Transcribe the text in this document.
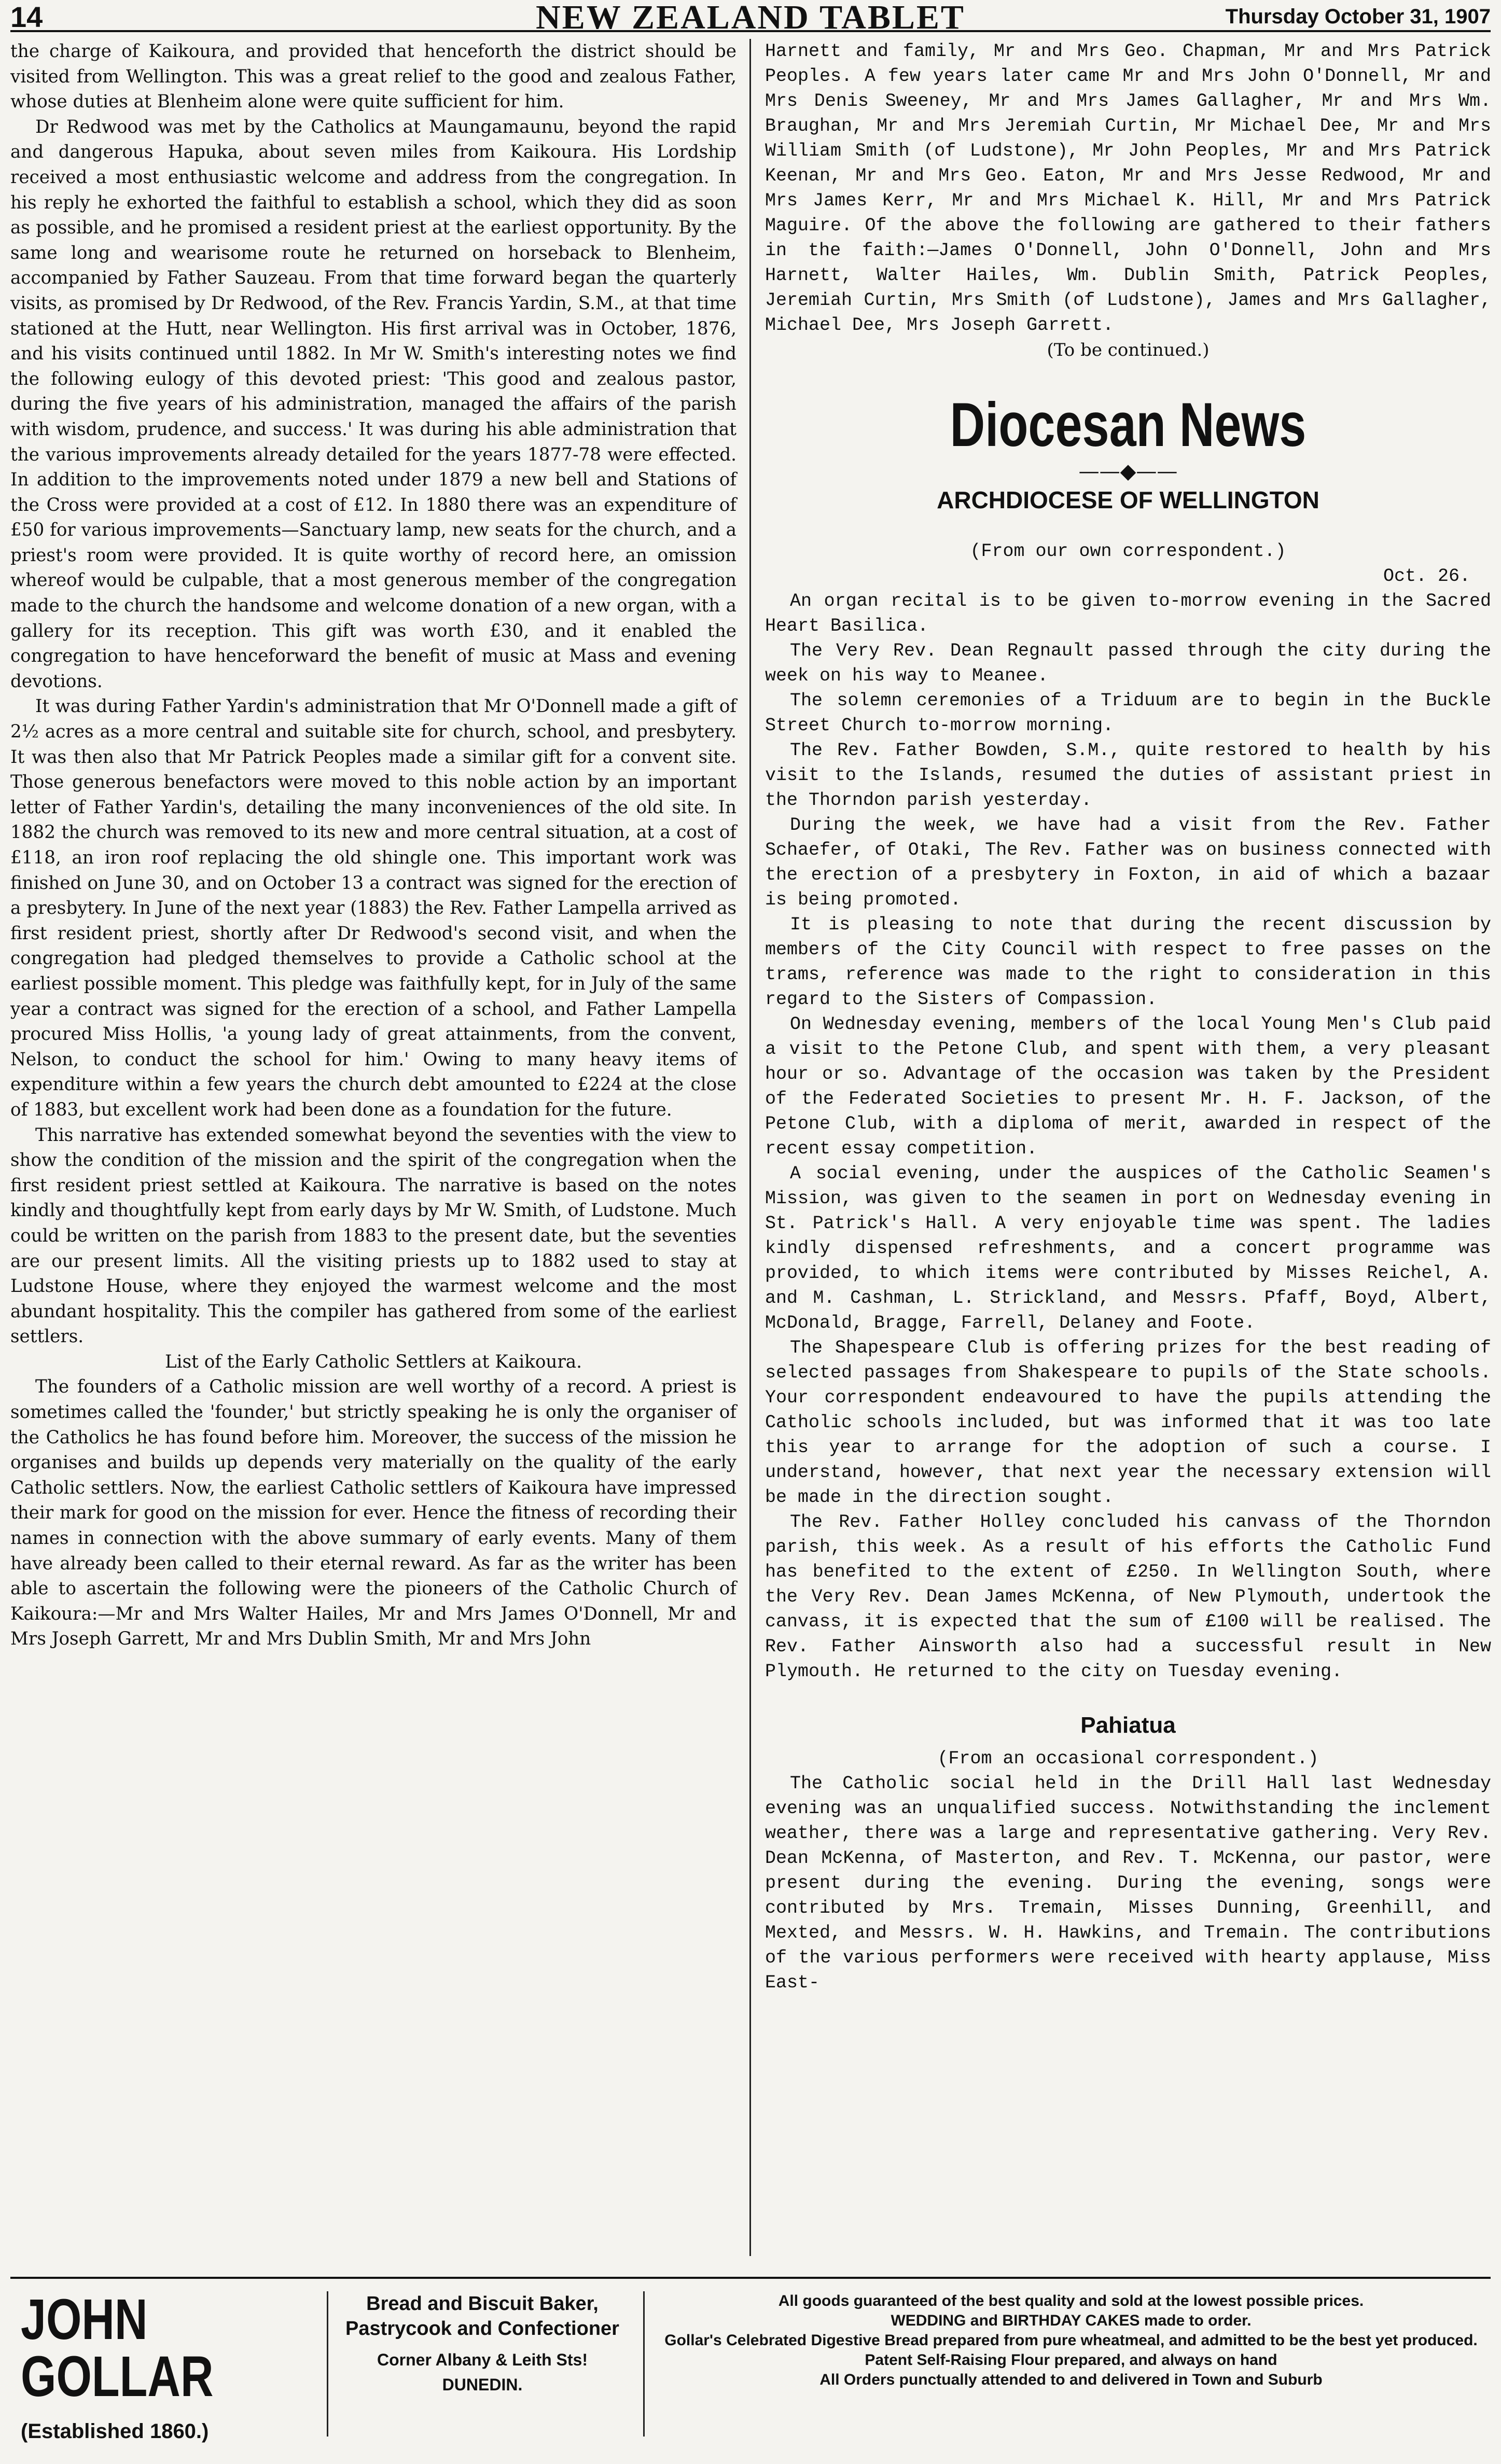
14	NEW ZEALAND TABLET	Thursday October 31, 1907

the charge of Kaikoura, and provided that henceforth the district should be visited from Wellington. This was a great relief to the good and zealous Father, whose duties at Blenheim alone were quite sufficient for him.

Dr Redwood was met by the Catholics at Maungamaunu, beyond the rapid and dangerous Hapuka, about seven miles from Kaikoura. His Lordship received a most enthusiastic welcome and address from the congregation. In his reply he exhorted the faithful to establish a school, which they did as soon as possible, and he promised a resident priest at the earliest opportunity. By the same long and wearisome route he returned on horseback to Blenheim, accompanied by Father Sauzeau. From that time forward began the quarterly visits, as promised by Dr Redwood, of the Rev. Francis Yardin, S.M., at that time stationed at the Hutt, near Wellington. His first arrival was in October, 1876, and his visits continued until 1882. In Mr W. Smith's interesting notes we find the following eulogy of this devoted priest: 'This good and zealous pastor, during the five years of his administration, managed the affairs of the parish with wisdom, prudence, and success.' It was during his able administration that the various improvements already detailed for the years 1877-78 were effected. In addition to the improvements noted under 1879 a new bell and Stations of the Cross were provided at a cost of £12. In 1880 there was an expenditure of £50 for various improvements—Sanctuary lamp, new seats for the church, and a priest's room were provided. It is quite worthy of record here, an omission whereof would be culpable, that a most generous member of the congregation made to the church the handsome and welcome donation of a new organ, with a gallery for its reception. This gift was worth £30, and it enabled the congregation to have henceforward the benefit of music at Mass and evening devotions.

It was during Father Yardin's administration that Mr O'Donnell made a gift of 2½ acres as a more central and suitable site for church, school, and presbytery. It was then also that Mr Patrick Peoples made a similar gift for a convent site. Those generous benefactors were moved to this noble action by an important letter of Father Yardin's, detailing the many inconveniences of the old site. In 1882 the church was removed to its new and more central situation, at a cost of £118, an iron roof replacing the old shingle one. This important work was finished on June 30, and on October 13 a contract was signed for the erection of a presbytery. In June of the next year (1883) the Rev. Father Lampella arrived as first resident priest, shortly after Dr Redwood's second visit, and when the congregation had pledged themselves to provide a Catholic school at the earliest possible moment. This pledge was faithfully kept, for in July of the same year a contract was signed for the erection of a school, and Father Lampella procured Miss Hollis, 'a young lady of great attainments, from the convent, Nelson, to conduct the school for him.' Owing to many heavy items of expenditure within a few years the church debt amounted to £224 at the close of 1883, but excellent work had been done as a foundation for the future.

This narrative has extended somewhat beyond the seventies with the view to show the condition of the mission and the spirit of the congregation when the first resident priest settled at Kaikoura. The narrative is based on the notes kindly and thoughtfully kept from early days by Mr W. Smith, of Ludstone. Much could be written on the parish from 1883 to the present date, but the seventies are our present limits. All the visiting priests up to 1882 used to stay at Ludstone House, where they enjoyed the warmest welcome and the most abundant hospitality. This the compiler has gathered from some of the earliest settlers.

List of the Early Catholic Settlers at Kaikoura.

The founders of a Catholic mission are well worthy of a record. A priest is sometimes called the 'founder,' but strictly speaking he is only the organiser of the Catholics he has found before him. Moreover, the success of the mission he organises and builds up depends very materially on the quality of the early Catholic settlers. Now, the earliest Catholic settlers of Kaikoura have impressed their mark for good on the mission for ever. Hence the fitness of recording their names in connection with the above summary of early events. Many of them have already been called to their eternal reward. As far as the writer has been able to ascertain the following were the pioneers of the Catholic Church of Kaikoura:—Mr and Mrs Walter Hailes, Mr and Mrs James O'Donnell, Mr and Mrs Joseph Garrett, Mr and Mrs Dublin Smith, Mr and Mrs John

Harnett and family, Mr and Mrs Geo. Chapman, Mr and Mrs Patrick Peoples. A few years later came Mr and Mrs John O'Donnell, Mr and Mrs Denis Sweeney, Mr and Mrs James Gallagher, Mr and Mrs Wm. Braughan, Mr and Mrs Jeremiah Curtin, Mr Michael Dee, Mr and Mrs William Smith (of Ludstone), Mr John Peoples, Mr and Mrs Patrick Keenan, Mr and Mrs Geo. Eaton, Mr and Mrs Jesse Redwood, Mr and Mrs James Kerr, Mr and Mrs Michael K. Hill, Mr and Mrs Patrick Maguire. Of the above the following are gathered to their fathers in the faith:—James O'Donnell, John O'Donnell, John and Mrs Harnett, Walter Hailes, Wm. Dublin Smith, Patrick Peoples, Jeremiah Curtin, Mrs Smith (of Ludstone), James and Mrs Gallagher, Michael Dee, Mrs Joseph Garrett.

(To be continued.)
Diocesan News
——◆——
ARCHDIOCESE OF WELLINGTON
(From our own correspondent.)
Oct. 26.

An organ recital is to be given to-morrow evening in the Sacred Heart Basilica.

The Very Rev. Dean Regnault passed through the city during the week on his way to Meanee.

The solemn ceremonies of a Triduum are to begin in the Buckle Street Church to-morrow morning.

The Rev. Father Bowden, S.M., quite restored to health by his visit to the Islands, resumed the duties of assistant priest in the Thorndon parish yesterday.

During the week, we have had a visit from the Rev. Father Schaefer, of Otaki, The Rev. Father was on business connected with the erection of a presbytery in Foxton, in aid of which a bazaar is being promoted.

It is pleasing to note that during the recent discussion by members of the City Council with respect to free passes on the trams, reference was made to the right to consideration in this regard to the Sisters of Compassion.

On Wednesday evening, members of the local Young Men's Club paid a visit to the Petone Club, and spent with them, a very pleasant hour or so. Advantage of the occasion was taken by the President of the Federated Societies to present Mr. H. F. Jackson, of the Petone Club, with a diploma of merit, awarded in respect of the recent essay competition.

A social evening, under the auspices of the Catholic Seamen's Mission, was given to the seamen in port on Wednesday evening in St. Patrick's Hall. A very enjoyable time was spent. The ladies kindly dispensed refreshments, and a concert programme was provided, to which items were contributed by Misses Reichel, A. and M. Cashman, L. Strickland, and Messrs. Pfaff, Boyd, Albert, McDonald, Bragge, Farrell, Delaney and Foote.

The Shapespeare Club is offering prizes for the best reading of selected passages from Shakespeare to pupils of the State schools. Your correspondent endeavoured to have the pupils attending the Catholic schools included, but was informed that it was too late this year to arrange for the adoption of such a course. I understand, however, that next year the necessary extension will be made in the direction sought.

The Rev. Father Holley concluded his canvass of the Thorndon parish, this week. As a result of his efforts the Catholic Fund has benefited to the extent of £250. In Wellington South, where the Very Rev. Dean James McKenna, of New Plymouth, undertook the canvass, it is expected that the sum of £100 will be realised. The Rev. Father Ainsworth also had a successful result in New Plymouth. He returned to the city on Tuesday evening.

Pahiatua
(From an occasional correspondent.)

The Catholic social held in the Drill Hall last Wednesday evening was an unqualified success. Notwithstanding the inclement weather, there was a large and representative gathering. Very Rev. Dean McKenna, of Masterton, and Rev. T. McKenna, our pastor, were present during the evening. During the evening, songs were contributed by Mrs. Tremain, Misses Dunning, Greenhill, and Mexted, and Messrs. W. H. Hawkins, and Tremain. The contributions of the various performers were received with hearty applause, Miss East-

JOHN GOLLAR
(Established 1860.)
Bread and Biscuit Baker,
Pastrycook and Confectioner
Corner Albany & Leith Sts!
DUNEDIN.
All goods guaranteed of the best quality and sold at the lowest possible prices.
WEDDING and BIRTHDAY CAKES made to order.
Gollar's Celebrated Digestive Bread prepared from pure wheatmeal, and admitted to be the best yet produced. Patent Self-Raising Flour prepared, and always on hand
All Orders punctually attended to and delivered in Town and Suburb
